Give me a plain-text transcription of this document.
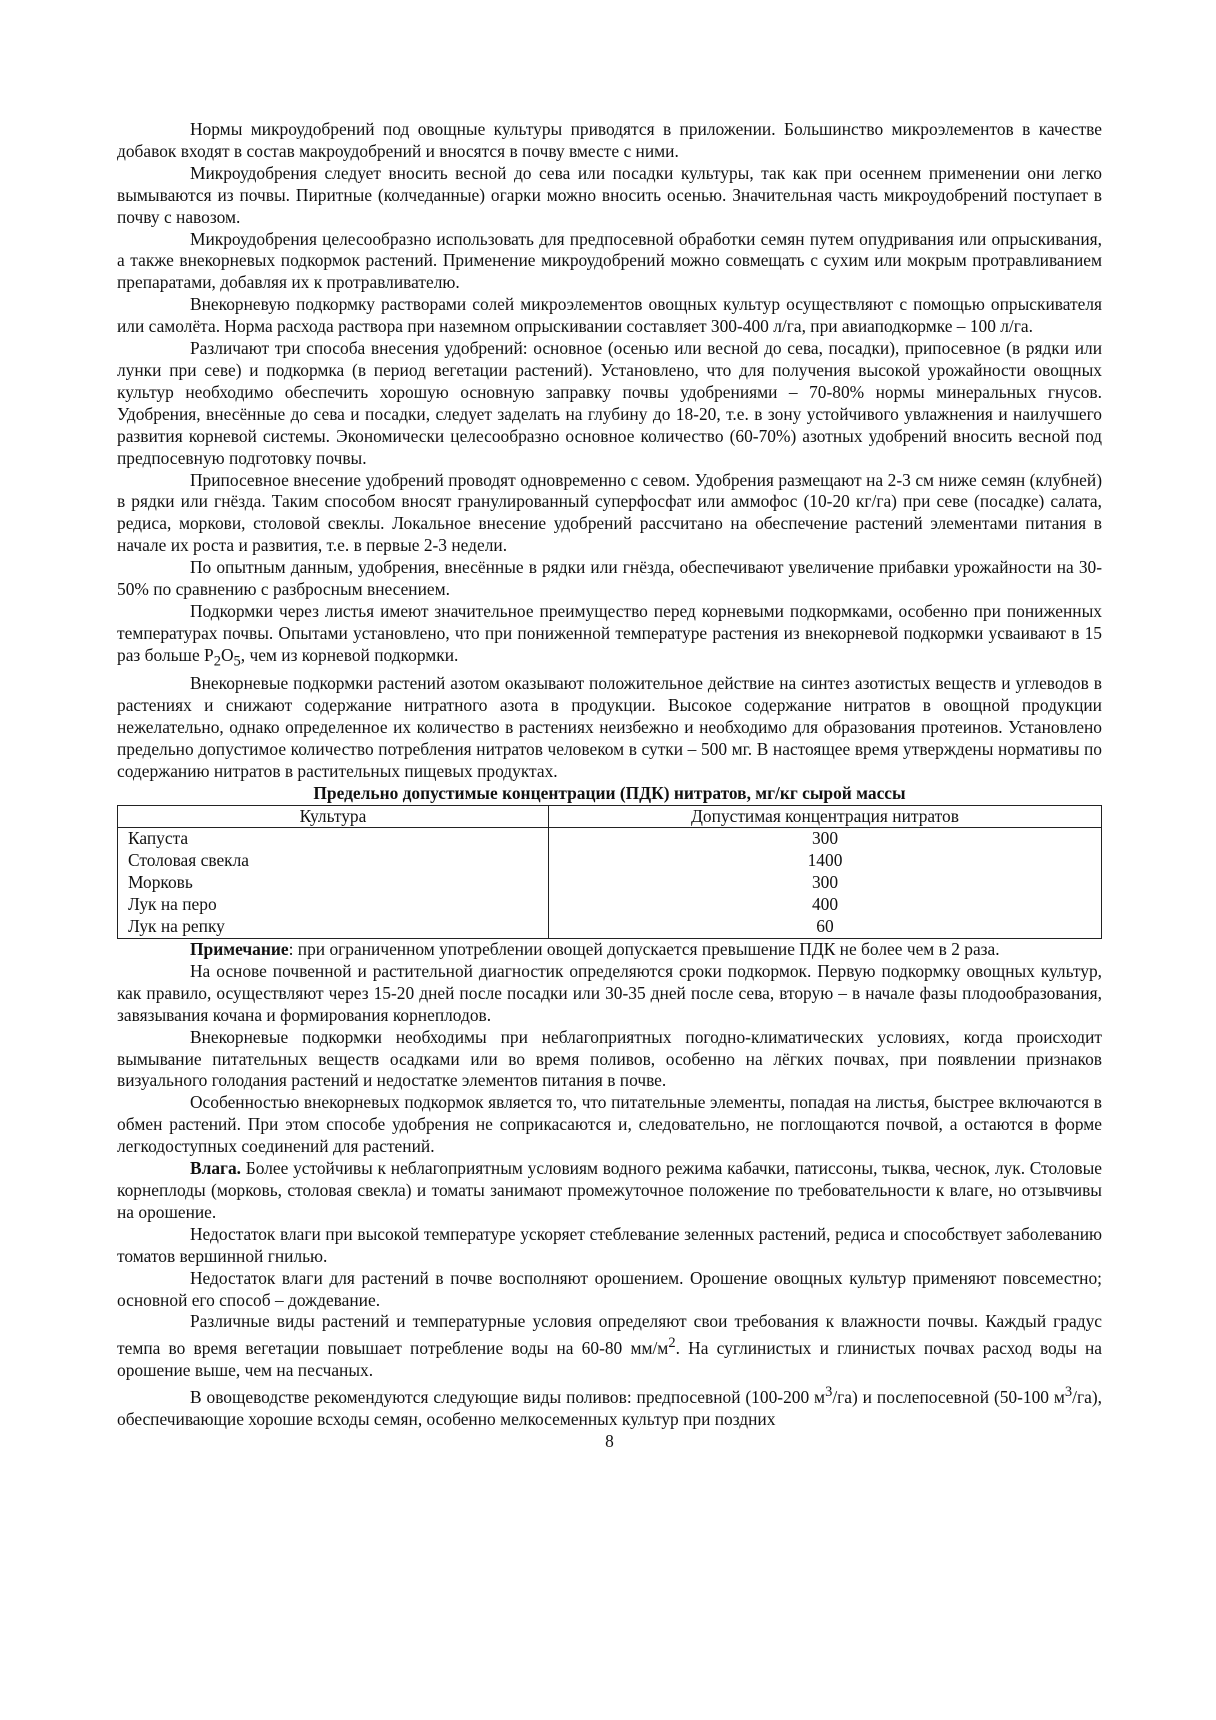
Нормы микроудобрений под овощные культуры приводятся в приложении. Большинство микроэлементов в качестве добавок входят в состав макроудобрений и вносятся в почву вместе с ними.

Микроудобрения следует вносить весной до сева или посадки культуры, так как при осеннем применении они легко вымываются из почвы. Пиритные (колчеданные) огарки можно вносить осенью. Значительная часть микроудобрений поступает в почву с навозом.

Микроудобрения целесообразно использовать для предпосевной обработки семян путем опудривания или опрыскивания, а также внекорневых подкормок растений. Применение микроудобрений можно совмещать с сухим или мокрым протравливанием препаратами, добавляя их к протравливателю.

Внекорневую подкормку растворами солей микроэлементов овощных культур осуществляют с помощью опрыскивателя или самолёта. Норма расхода раствора при наземном опрыскивании составляет 300-400 л/га, при авиаподкормке – 100 л/га.

Различают три способа внесения удобрений: основное (осенью или весной до сева, посадки), припосевное (в рядки или лунки при севе) и подкормка (в период вегетации растений). Установлено, что для получения высокой урожайности овощных культур необходимо обеспечить хорошую основную заправку почвы удобрениями – 70-80% нормы минеральных гнусов. Удобрения, внесённые до сева и посадки, следует заделать на глубину до 18-20, т.е. в зону устойчивого увлажнения и наилучшего развития корневой системы. Экономически целесообразно основное количество (60-70%) азотных удобрений вносить весной под предпосевную подготовку почвы.

Припосевное внесение удобрений проводят одновременно с севом. Удобрения размещают на 2-3 см ниже семян (клубней) в рядки или гнёзда. Таким способом вносят гранулированный суперфосфат или аммофос (10-20 кг/га) при севе (посадке) салата, редиса, моркови, столовой свеклы. Локальное внесение удобрений рассчитано на обеспечение растений элементами питания в начале их роста и развития, т.е. в первые 2-3 недели.

По опытным данным, удобрения, внесённые в рядки или гнёзда, обеспечивают увеличение прибавки урожайности на 30-50% по сравнению с разбросным внесением.

Подкормки через листья имеют значительное преимущество перед корневыми подкормками, особенно при пониженных температурах почвы. Опытами установлено, что при пониженной температуре растения из внекорневой подкормки усваивают в 15 раз больше $P_2O_5$, чем из корневой подкормки.

Внекорневые подкормки растений азотом оказывают положительное действие на синтез азотистых веществ и углеводов в растениях и снижают содержание нитратного азота в продукции. Высокое содержание нитратов в овощной продукции нежелательно, однако определенное их количество в растениях неизбежно и необходимо для образования протеинов. Установлено предельно допустимое количество потребления нитратов человеком в сутки – 500 мг. В настоящее время утверждены нормативы по содержанию нитратов в растительных пищевых продуктах.

Предельно допустимые концентрации (ПДК) нитратов, мг/кг сырой массы
Культура	Допустимая концентрация нитратов
Капуста	300
Столовая свекла	1400
Морковь	300
Лук на перо	400
Лук на репку	60

Примечание: при ограниченном употреблении овощей допускается превышение ПДК не более чем в 2 раза.

На основе почвенной и растительной диагностик определяются сроки подкормок. Первую подкормку овощных культур, как правило, осуществляют через 15-20 дней после посадки или 30-35 дней после сева, вторую – в начале фазы плодообразования, завязывания кочана и формирования корнеплодов.

Внекорневые подкормки необходимы при неблагоприятных погодно-климатических условиях, когда происходит вымывание питательных веществ осадками или во время поливов, особенно на лёгких почвах, при появлении признаков визуального голодания растений и недостатке элементов питания в почве.

Особенностью внекорневых подкормок является то, что питательные элементы, попадая на листья, быстрее включаются в обмен растений. При этом способе удобрения не соприкасаются и, следовательно, не поглощаются почвой, а остаются в форме легкодоступных соединений для растений.

Влага. Более устойчивы к неблагоприятным условиям водного режима кабачки, патиссоны, тыква, чеснок, лук. Столовые корнеплоды (морковь, столовая свекла) и томаты занимают промежуточное положение по требовательности к влаге, но отзывчивы на орошение.

Недостаток влаги при высокой температуре ускоряет стеблевание зеленных растений, редиса и способствует заболеванию томатов вершинной гнилью.

Недостаток влаги для растений в почве восполняют орошением. Орошение овощных культур применяют повсеместно; основной его способ – дождевание.

Различные виды растений и температурные условия определяют свои требования к влажности почвы. Каждый градус темпа во время вегетации повышает потребление воды на 60-80 $мм/м^2$. На суглинистых и глинистых почвах расход воды на орошение выше, чем на песчаных.

В овощеводстве рекомендуются следующие виды поливов: предпосевной (100-200 $м^3/га$) и послепосевной (50-100 $м^3/га$), обеспечивающие хорошие всходы семян, особенно мелкосеменных культур при поздних

8
